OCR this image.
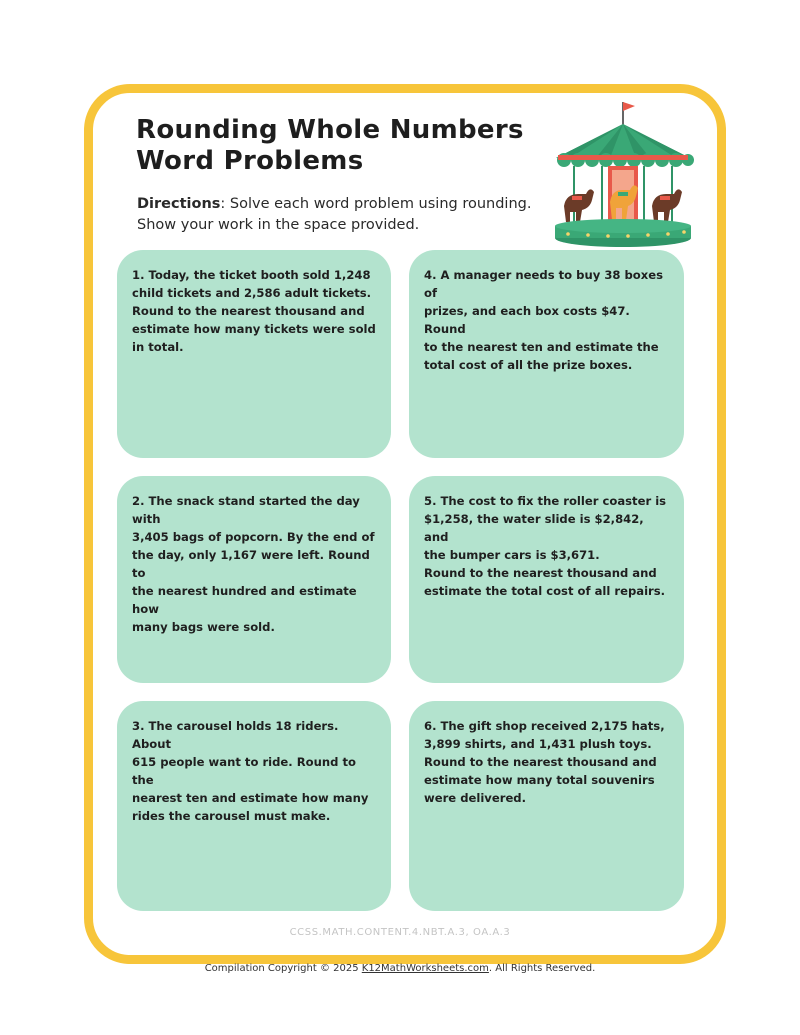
Rounding Whole Numbers
Word Problems
Directions: Solve each word problem using rounding. Show your work in the space provided.
1. Today, the ticket booth sold 1,248
child tickets and 2,586 adult tickets.
Round to the nearest thousand and
estimate how many tickets were sold
in total.
2. The snack stand started the day with
3,405 bags of popcorn. By the end of
the day, only 1,167 were left. Round to
the nearest hundred and estimate how
many bags were sold.
3. The carousel holds 18 riders. About
615 people want to ride. Round to the
nearest ten and estimate how many
rides the carousel must make.
4. A manager needs to buy 38 boxes of
prizes, and each box costs $47. Round
to the nearest ten and estimate the
total cost of all the prize boxes.
5. The cost to fix the roller coaster is
$1,258, the water slide is $2,842, and
the bumper cars is $3,671.
Round to the nearest thousand and
estimate the total cost of all repairs.
6. The gift shop received 2,175 hats,
3,899 shirts, and 1,431 plush toys.
Round to the nearest thousand and
estimate how many total souvenirs
were delivered.
CCSS.MATH.CONTENT.4.NBT.A.3, OA.A.3
Compilation Copyright © 2025 K12MathWorksheets.com. All Rights Reserved.
